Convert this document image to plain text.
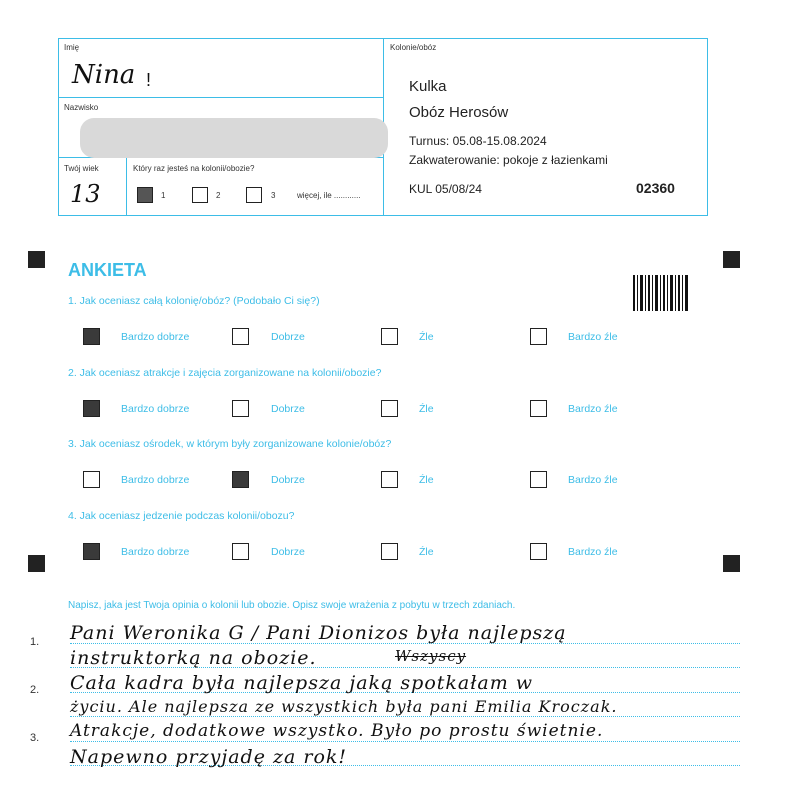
Imię
Nina !
Nazwisko
Twój wiek
13
Który raz jesteś na kolonii/obozie?
1	2	3	więcej, ile ............
Kolonie/obóz
Kulka
Obóz Herosów
Turnus: 05.08-15.08.2024
Zakwaterowanie: pokoje z łazienkami
KUL 05/08/24	02360
ANKIETA
1. Jak oceniasz całą kolonię/obóz? (Podobało Ci się?)
Bardzo dobrze	Dobrze	Źle	Bardzo źle
2. Jak oceniasz atrakcje i zajęcia zorganizowane na kolonii/obozie?
Bardzo dobrze	Dobrze	Źle	Bardzo źle
3. Jak oceniasz ośrodek, w którym były zorganizowane kolonie/obóz?
Bardzo dobrze	Dobrze	Źle	Bardzo źle
4. Jak oceniasz jedzenie podczas kolonii/obozu?
Bardzo dobrze	Dobrze	Źle	Bardzo źle
Napisz, jaka jest Twoja opinia o kolonii lub obozie. Opisz swoje wrażenia z pobytu w trzech zdaniach.
1.
2.
3.
Pani Weronika G / Pani Dionizos była najlepszą
instruktorką na obozie.	Wszyscy
Cała kadra była najlepsza jaką spotkałam w
życiu. Ale najlepsza ze wszystkich była pani Emilia Kroczak.
Atrakcje, dodatkowe wszystko. Było po prostu świetnie.
Napewno przyjadę za rok!
